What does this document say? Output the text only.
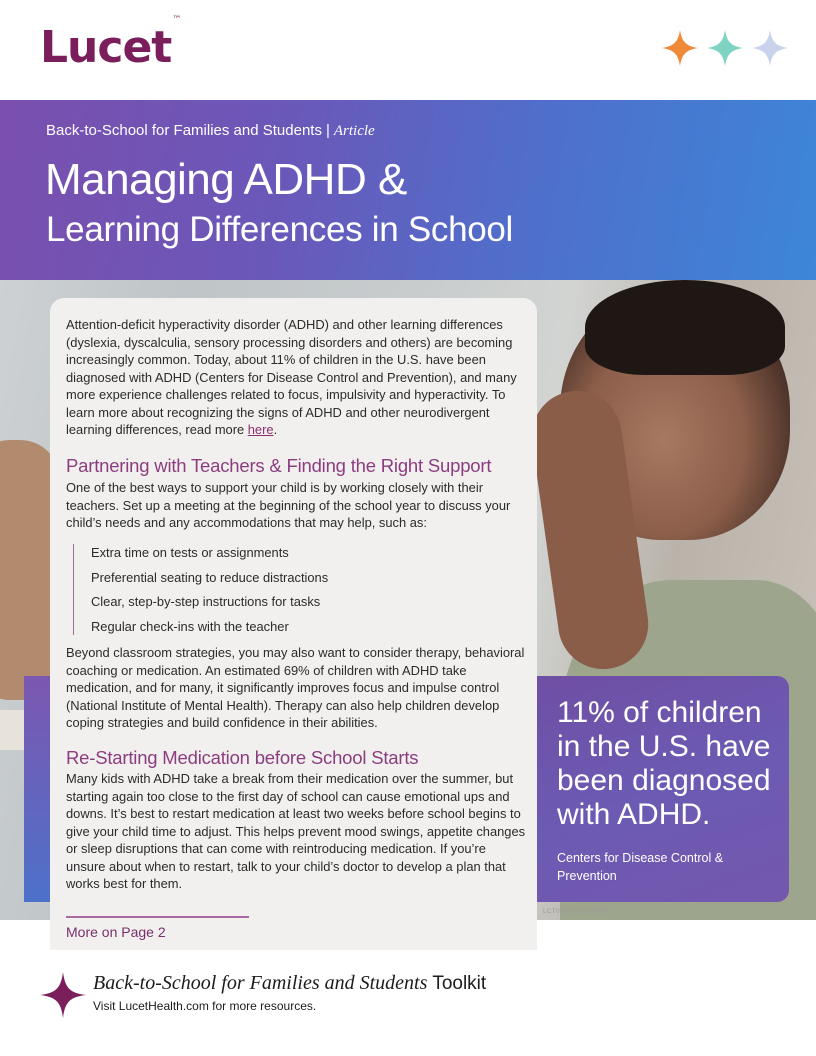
Lucet™
Back-to-School for Families and Students | Article
Managing ADHD &
Learning Differences in School

Attention-deficit hyperactivity disorder (ADHD) and other learning differences (dyslexia, dyscalculia, sensory processing disorders and others) are becoming increasingly common. Today, about 11% of children in the U.S. have been diagnosed with ADHD (Centers for Disease Control and Prevention), and many more experience challenges related to focus, impulsivity and hyperactivity. To learn more about recognizing the signs of ADHD and other neurodivergent learning differences, read more here.

Partnering with Teachers & Finding the Right Support

One of the best ways to support your child is by working closely with their teachers. Set up a meeting at the beginning of the school year to discuss your child’s needs and any accommodations that may help, such as:

Extra time on tests or assignments
Preferential seating to reduce distractions
Clear, step-by-step instructions for tasks
Regular check-ins with the teacher

Beyond classroom strategies, you may also want to consider therapy, behavioral coaching or medication. An estimated 69% of children with ADHD take medication, and for many, it significantly improves focus and impulse control (National Institute of Mental Health). Therapy can also help children develop coping strategies and build confidence in their abilities.

Re-Starting Medication before School Starts

Many kids with ADHD take a break from their medication over the summer, but starting again too close to the first day of school can cause emotional ups and downs. It’s best to restart medication at least two weeks before school begins to give your child time to adjust. This helps prevent mood swings, appetite changes or sleep disruptions that can come with reintroducing medication. If you’re unsure about when to restart, talk to your child’s doctor to develop a plan that works best for them.

More on Page 2
11% of children in the U.S. have been diagnosed with ADHD.
Centers for Disease Control & Prevention
LCT00193-20250528
Back-to-School for Families and Students Toolkit
Visit LucetHealth.com for more resources.
